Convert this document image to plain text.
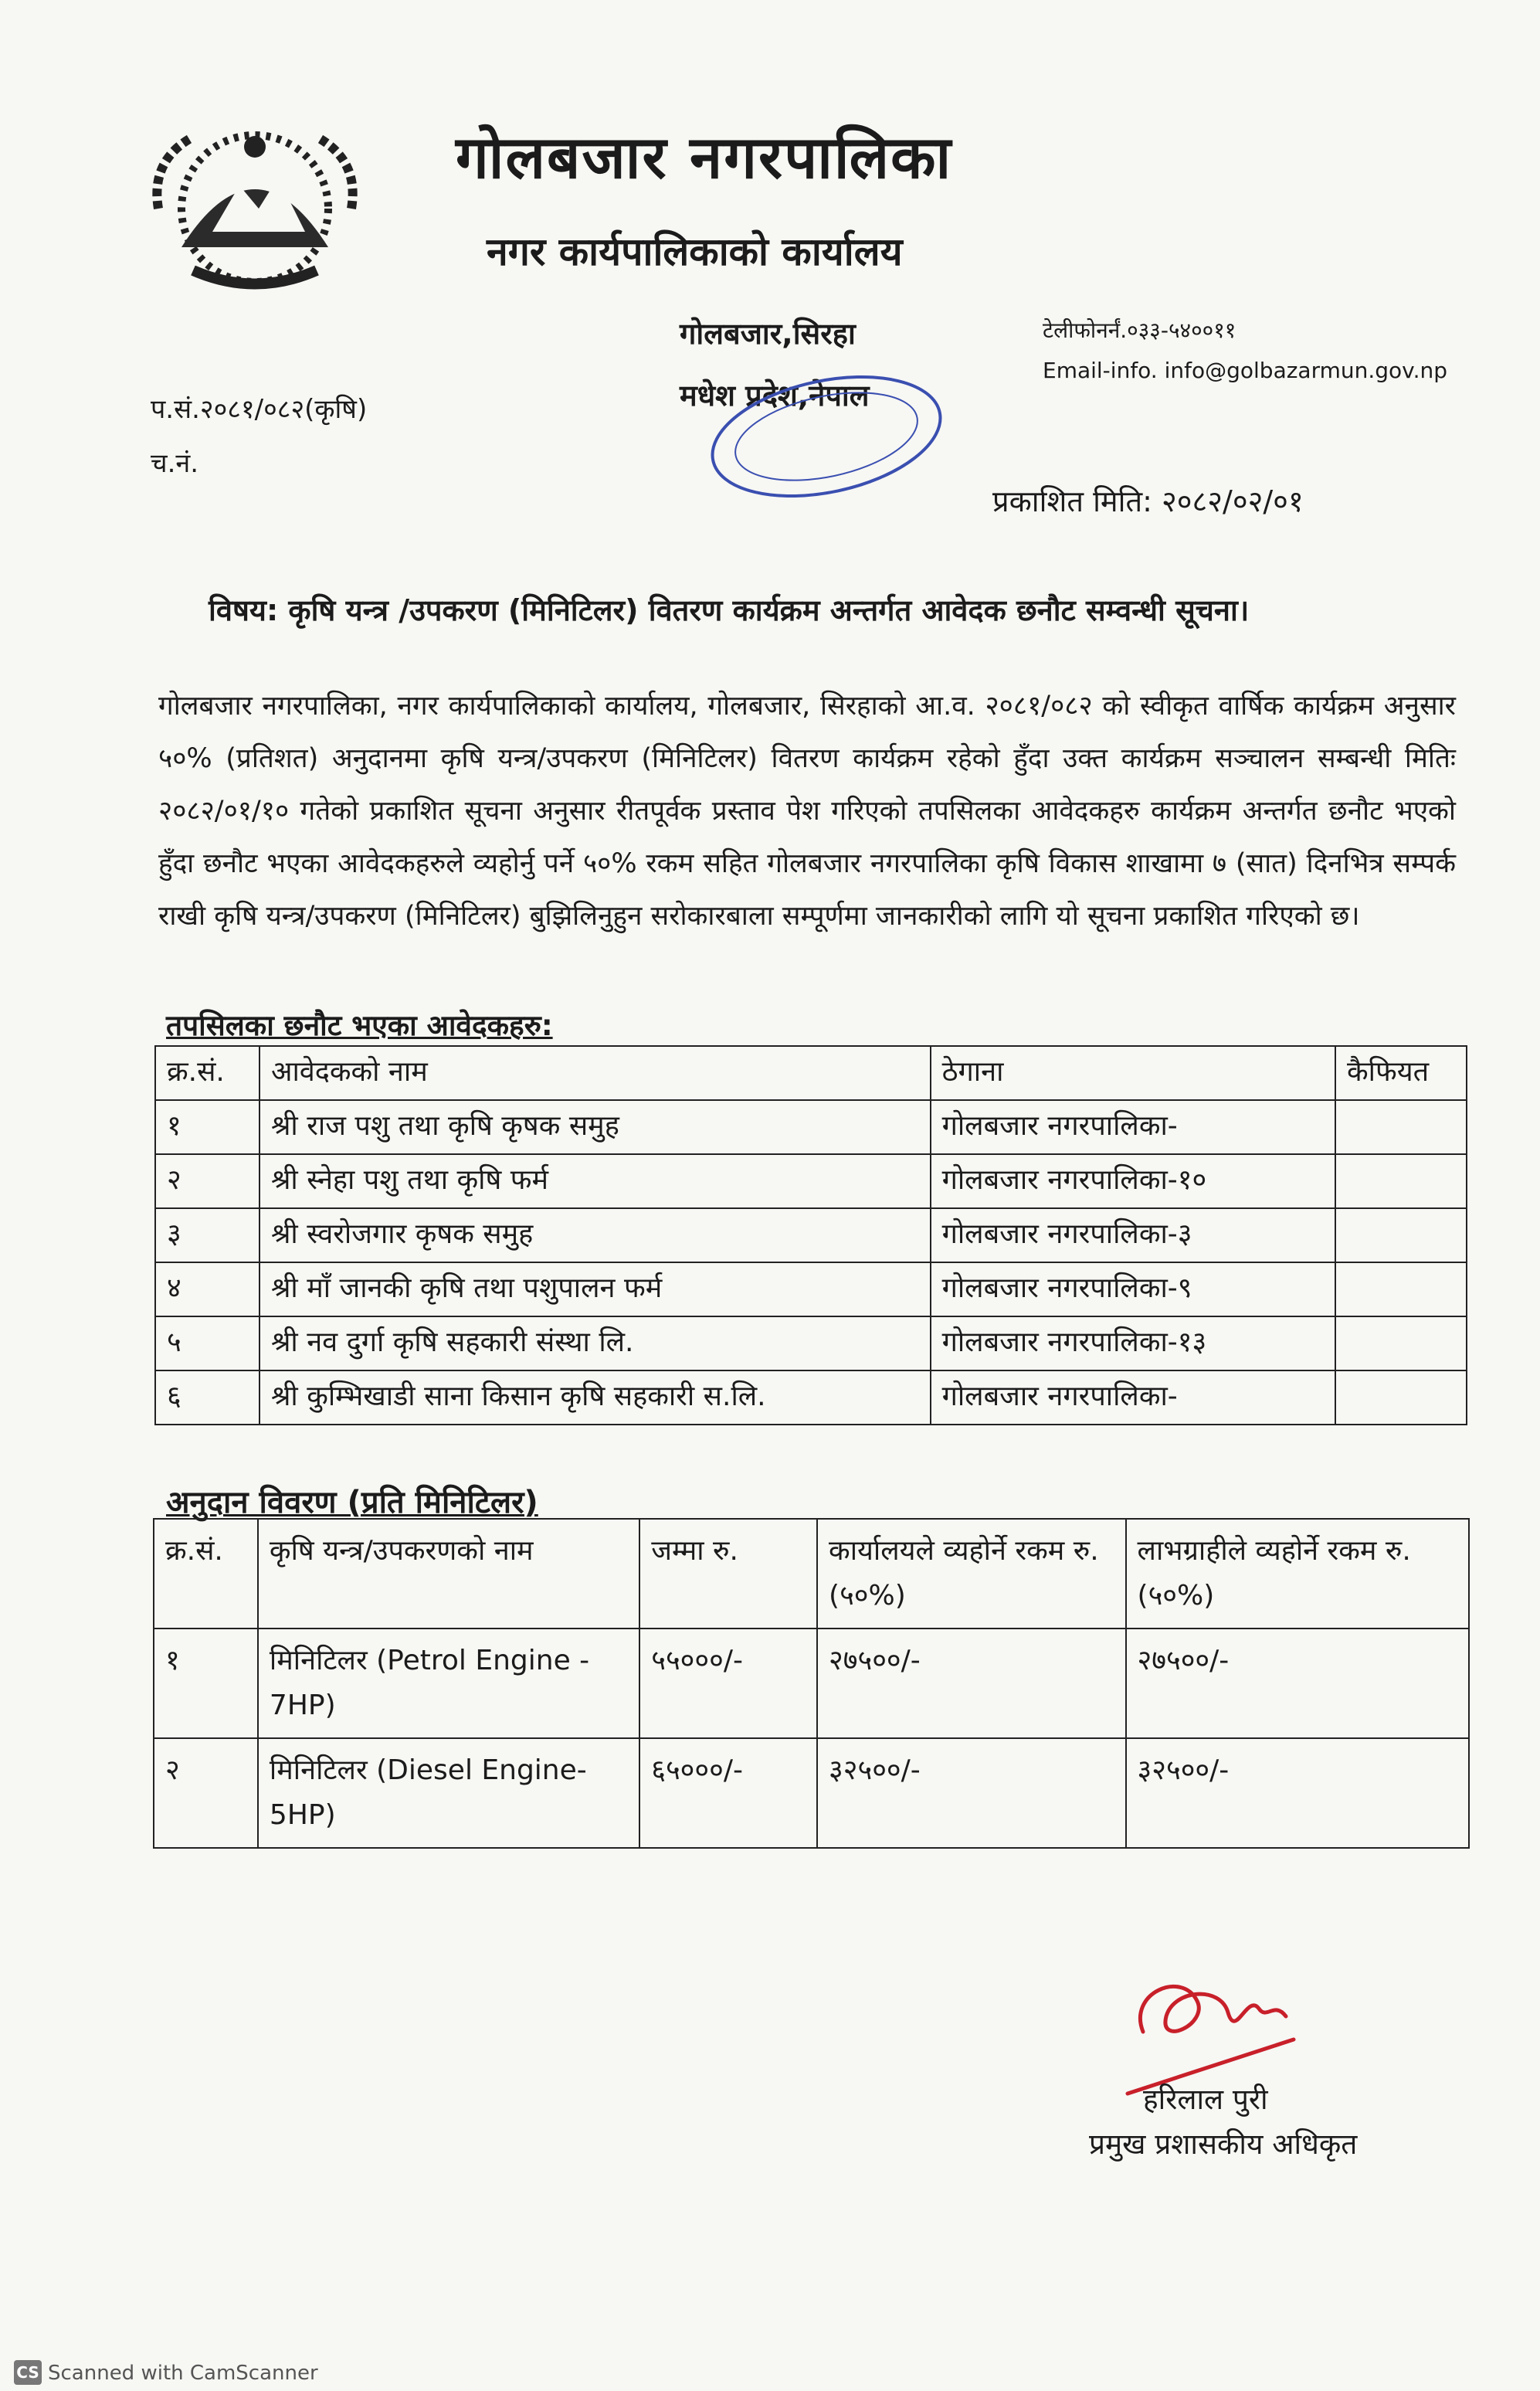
गोलबजार नगरपालिका
नगर कार्यपालिकाको कार्यालय
गोलबजार,सिरहा
मधेश प्रदेश,नेपाल
टेलीफोनर्नं.०३३-५४००११
Email-info. info@golbazarmun.gov.np
प.सं.२०८१/०८२(कृषि)
च.नं.
प्रकाशित मिति: २०८२/०२/०१
विषय: कृषि यन्त्र /उपकरण (मिनिटिलर) वितरण कार्यक्रम अन्तर्गत आवेदक छनौट सम्वन्धी सूचना।
गोलबजार नगरपालिका, नगर कार्यपालिकाको कार्यालय, गोलबजार, सिरहाको आ.व. २०८१/०८२ को स्वीकृत वार्षिक कार्यक्रम अनुसार ५०% (प्रतिशत) अनुदानमा कृषि यन्त्र/उपकरण (मिनिटिलर) वितरण कार्यक्रम रहेको हुँदा उक्त कार्यक्रम सञ्चालन सम्बन्धी मितिः २०८२/०१/१० गतेको प्रकाशित सूचना अनुसार रीतपूर्वक प्रस्ताव पेश गरिएको तपसिलका आवेदकहरु कार्यक्रम अन्तर्गत छनौट भएको हुँदा छनौट भएका आवेदकहरुले व्यहोर्नु पर्ने ५०% रकम सहित गोलबजार नगरपालिका कृषि विकास शाखामा ७ (सात) दिनभित्र सम्पर्क राखी कृषि यन्त्र/उपकरण (मिनिटिलर) बुझिलिनुहुन सरोकारबाला सम्पूर्णमा जानकारीको लागि यो सूचना प्रकाशित गरिएको छ।
तपसिलका छनौट भएका आवेदकहरु:
क्र.सं.	आवेदकको नाम	ठेगाना	कैफियत
१	श्री राज पशु तथा कृषि कृषक समुह	गोलबजार नगरपालिका-	
२	श्री स्नेहा पशु तथा कृषि फर्म	गोलबजार नगरपालिका-१०	
३	श्री स्वरोजगार कृषक समुह	गोलबजार नगरपालिका-३	
४	श्री माँ जानकी कृषि तथा पशुपालन फर्म	गोलबजार नगरपालिका-९	
५	श्री नव दुर्गा कृषि सहकारी संस्था लि.	गोलबजार नगरपालिका-१३	
६	श्री कुम्भिखाडी साना किसान कृषि सहकारी स.लि.	गोलबजार नगरपालिका-	
अनुदान विवरण (प्रति मिनिटिलर)
क्र.सं.	कृषि यन्त्र/उपकरणको नाम	जम्मा रु.	कार्यालयले व्यहोर्ने रकम रु.(५०%)	लाभग्राहीले व्यहोर्ने रकम रु. (५०%)
१	मिनिटिलर (Petrol Engine - 7HP)	५५०००/-	२७५००/-	२७५००/-
२	मिनिटिलर (Diesel Engine- 5HP)	६५०००/-	३२५००/-	३२५००/-
हरिलाल पुरी
प्रमुख प्रशासकीय अधिकृत
CS Scanned with CamScanner
